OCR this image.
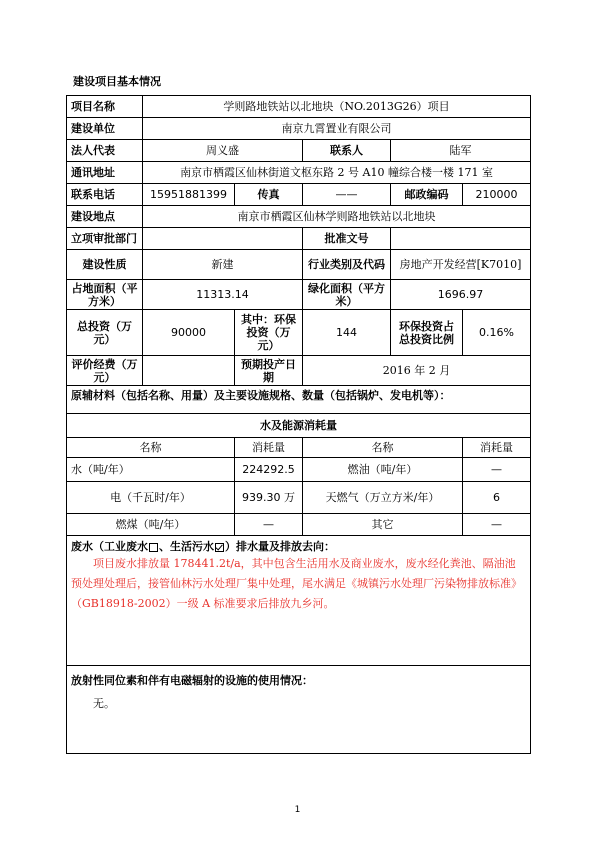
建设项目基本情况
项目名称	学则路地铁站以北地块（NO.2013G26）项目				
建设单位	南京九霄置业有限公司				
法人代表	周义盛		联系人	陆军	
通讯地址	南京市栖霞区仙林街道文枢东路 2 号 A10 幢综合楼一楼 171 室				
联系电话	15951881399	传真	——	邮政编码	210000
建设地点	南京市栖霞区仙林学则路地铁站以北地块				
立项审批部门			批准文号		
建设性质	新建		行业类别及代码	房地产开发经营[K7010]	
占地面积（平方米）	11313.14		绿化面积（平方米）	1696.97	
总投资（万元）	90000	其中：环保投资（万元）	144	环保投资占总投资比例	0.16%
评价经费（万元）		预期投产日期	2016 年 2 月		
原辅材料（包括名称、用量）及主要设施规格、数量（包括锅炉、发电机等）：					
水及能源消耗量					
名称		消耗量	名称		消耗量
水（吨/年）		224292.5	燃油（吨/年）		—
电（千瓦时/年）		939.30 万	天燃气（万立方米/年）		6
燃煤（吨/年）		—	其它		—

废水（工业废水 、生活污水 ）排水量及排放去向：

项目废水排放量 178441.2t/a，其中包含生活用水及商业废水，废水经化粪池、隔油池预处理处理后，接管仙林污水处理厂集中处理，尾水满足《城镇污水处理厂污染物排放标准》（GB18918-2002）一级 A 标准要求后排放九乡河。					

放射性同位素和伴有电磁辐射的设施的使用情况：

无。					

1
